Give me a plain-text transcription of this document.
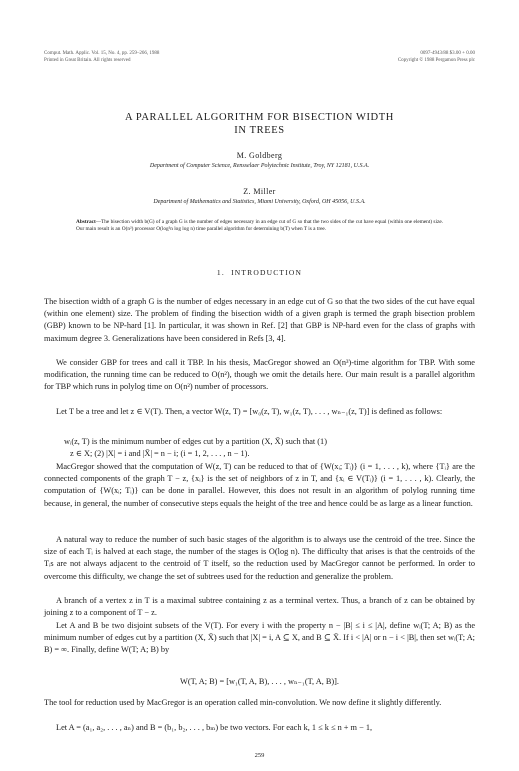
Comput. Math. Applic. Vol. 15, No. 4, pp. 259–266, 1988
Printed in Great Britain. All rights reserved
0097-4943/88 $3.00 + 0.00
Copyright © 1988 Pergamon Press plc
A PARALLEL ALGORITHM FOR BISECTION WIDTH
IN TREES
M. Goldberg
Department of Computer Science, Rensselaer Polytechnic Institute, Troy, NY 12181, U.S.A.
Z. Miller
Department of Mathematics and Statistics, Miami University, Oxford, OH 45056, U.S.A.
Abstract—The bisection width b(G) of a graph G is the number of edges necessary in an edge cut of G so that the two sides of the cut have equal (within one element) size. Our main result is an O(n²) processor O(log²n log log n) time parallel algorithm for determining b(T) when T is a tree.
1. INTRODUCTION

The bisection width of a graph G is the number of edges necessary in an edge cut of G so that the two sides of the cut have equal (within one element) size. The problem of finding the bisection width of a given graph is termed the graph bisection problem (GBP) known to be NP-hard [1]. In particular, it was shown in Ref. [2] that GBP is NP-hard even for the class of graphs with maximum degree 3. Generalizations have been considered in Refs [3, 4].

We consider GBP for trees and call it TBP. In his thesis, MacGregor showed an O(n³)-time algorithm for TBP. With some modification, the running time can be reduced to O(n²), though we omit the details here. Our main result is a parallel algorithm for TBP which runs in polylog time on O(n²) number of processors.

Let T be a tree and let z ∈ V(T). Then, a vector W(z, T) = [w₀(z, T), w₁(z, T), . . . , wₙ₋₁(z, T)] is defined as follows:

wᵢ(z, T) is the minimum number of edges cut by a partition (X, X̄) such that (1)
z ∈ X; (2) |X| = i and |X̄| = n − i; (i = 1, 2, . . . , n − 1).

MacGregor showed that the computation of W(z, T) can be reduced to that of {W(xᵢ; Tᵢ)} (i = 1, . . . , k), where {Tᵢ} are the connected components of the graph T − z, {xᵢ} is the set of neighbors of z in T, and {xᵢ ∈ V(Tᵢ)} (i = 1, . . . , k). Clearly, the computation of {W(xᵢ; Tᵢ)} can be done in parallel. However, this does not result in an algorithm of polylog running time because, in general, the number of consecutive steps equals the height of the tree and hence could be as large as a linear function.

A natural way to reduce the number of such basic stages of the algorithm is to always use the centroid of the tree. Since the size of each Tᵢ is halved at each stage, the number of the stages is O(log n). The difficulty that arises is that the centroids of the Tᵢs are not always adjacent to the centroid of T itself, so the reduction used by MacGregor cannot be performed. In order to overcome this difficulty, we change the set of subtrees used for the reduction and generalize the problem.

A branch of a vertex z in T is a maximal subtree containing z as a terminal vertex. Thus, a branch of z can be obtained by joining z to a component of T − z.

Let A and B be two disjoint subsets of the V(T). For every i with the property n − |B| ≤ i ≤ |A|, define wᵢ(T; A; B) as the minimum number of edges cut by a partition (X, X̄) such that |X| = i, A ⊆ X, and B ⊆ X̄. If i < |A| or n − i < |B|, then set wᵢ(T; A; B) = ∞. Finally, define W(T; A; B) by

W(T, A; B) = [w₁(T, A, B), . . . , wₙ₋₁(T, A, B)].

The tool for reduction used by MacGregor is an operation called min-convolution. We now define it slightly differently.

Let A = (a₁, a₂, . . . , aₙ) and B = (b₁, b₂, . . . , bₘ) be two vectors. For each k, 1 ≤ k ≤ n + m − 1,

259
